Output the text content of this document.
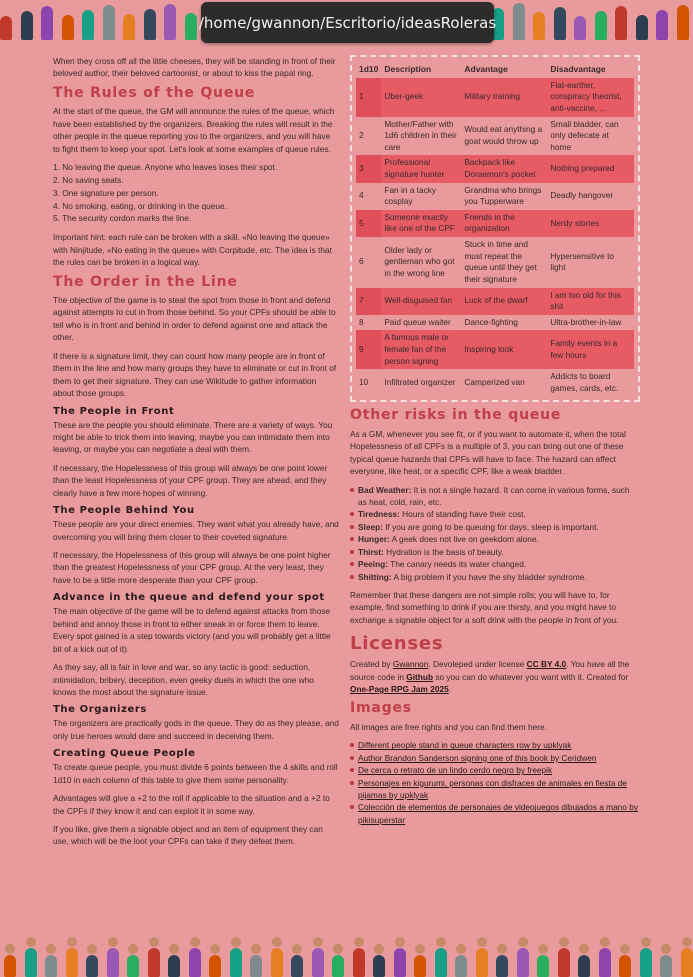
/home/gwannon/Escritorio/ideasRoleras

When they cross off all the little cheeses, they will be standing in front of their beloved author, their beloved cartoonist, or about to kiss the papal ring.

The Rules of the Queue

At the start of the queue, the GM will announce the rules of the queue, which have been established by the organizers. Breaking the rules will result in the other people in the queue reporting you to the organizers, and you will have to fight them to keep your spot. Let's look at some examples of queue rules.

1. No leaving the queue. Anyone who leaves loses their spot.
2. No saving seats.
3. One signature per person.
4. No smoking, eating, or drinking in the queue.
5. The security cordon marks the line.

Important hint: each rule can be broken with a skill. «No leaving the queue» with Ninjitude, «No eating in the queue» with Corpitude, etc. The idea is that the rules can be broken in a logical way.

The Order in the Line

The objective of the game is to steal the spot from those in front and defend against attempts to cut in from those behind. So your CPFs should be able to tell who is in front and behind in order to defend against one and attack the other.

If there is a signature limit, they can count how many people are in front of them in the line and how many groups they have to eliminate or cut in front of them to get their signature. They can use Wikitude to gather information about those groups.

The People in Front

These are the people you should eliminate. There are a variety of ways. You might be able to trick them into leaving, maybe you can intimidate them into leaving, or maybe you can negotiate a deal with them.

If necessary, the Hopelessness of this group will always be one point lower than the least Hopelessness of your CPF group. They are ahead, and they clearly have a few more hopes of winning.

The People Behind You

These people are your direct enemies. They want what you already have, and overcoming you will bring them closer to their coveted signature.

If necessary, the Hopelessness of this group will always be one point higher than the greatest Hopelessness of your CPF group. At the very least, they have to be a little more desperate than your CPF group.

Advance in the queue and defend your spot

The main objective of the game will be to defend against attacks from those behind and annoy those in front to either sneak in or force them to leave. Every spot gained is a step towards victory (and you will probably get a little bit of a kick out of it).

As they say, all is fair in love and war, so any tactic is good: seduction, intimidation, bribery, deception, even geeky duels in which the one who knows the most about the signature issue.

The Organizers

The organizers are practically gods in the queue. They do as they please, and only true heroes would dare and succeed in deceiving them.

Creating Queue People

To create queue people, you must divide 6 points between the 4 skills and roll 1d10 in each column of this table to give them some personality.

Advantages will give a +2 to the roll if applicable to the situation and a +2 to the CPFs if they know it and can exploit it in some way.

If you like, give them a signable object and an item of equipment they can use, which will be the loot your CPFs can take if they defeat them.

1d10	Description	Advantage	Disadvantage
1	Uber-geek	Military training	Flat-earther, conspiracy theorist, anti-vaccine, ...
2	Mother/Father with 1d6 children in their care	Would eat anything a goat would throw up	Small bladder, can only defecate at home
3	Professional signature hunter	Backpack like Doraemon's pocket	Nothing prepared
4	Fan in a tacky cosplay	Grandma who brings you Tupperware	Deadly hangover
5	Someone exactly like one of the CPF	Friends in the organization	Nerdy stories
6	Older lady or gentleman who got in the wrong line	Stuck in time and must repeat the queue until they get their signature	Hypersensitive to light
7	Well-disguised fan	Luck of the dwarf	I am too old for this shit
8	Paid queue waiter	Dance-fighting	Ultra-brother-in-law
9	A famous male or female fan of the person signing	Inspiring look	Family events in a few hours
10	Infiltrated organizer	Camperized van	Addicts to board games, cards, etc.
Other risks in the queue

As a GM, whenever you see fit, or if you want to automate it, when the total Hopelessness of all CPFs is a multiple of 3, you can bring out one of these typical queue hazards that CPFs will have to face. The hazard can affect everyone, like heat, or a specific CPF, like a weak bladder.

Bad Weather: It is not a single hazard. It can come in various forms, such as heat, cold, rain, etc.
Tiredness: Hours of standing have their cost.
Sleep: If you are going to be queuing for days, sleep is important.
Hunger: A geek does not live on geekdom alone.
Thirst: Hydration is the basis of beauty.
Peeing: The canary needs its water changed.
Shitting: A big problem if you have the shy bladder syndrome.

Remember that these dangers are not simple rolls; you will have to, for example, find something to drink if you are thirsty, and you might have to exchange a signable object for a soft drink with the people in front of you.

Licenses

Created by Gwannon. Devoleped under license CC BY 4.0. You have all the source code in Github so you can do whatever you want with it. Created for One-Page RPG Jam 2025.

Images

All images are free rights and you can find them here.

Different people stand in queue characters row by upklyak
Author Brandon Sanderson signing one of this book by Ceridwen
De cerca o retrato de un lindo cerdo negro by freepik
Personajes en kigurumi, personas con disfraces de animales en fiesta de pijamas by upklyak
Colección de elementos de personajes de videojuegos dibujados a mano by pikisuperstar
